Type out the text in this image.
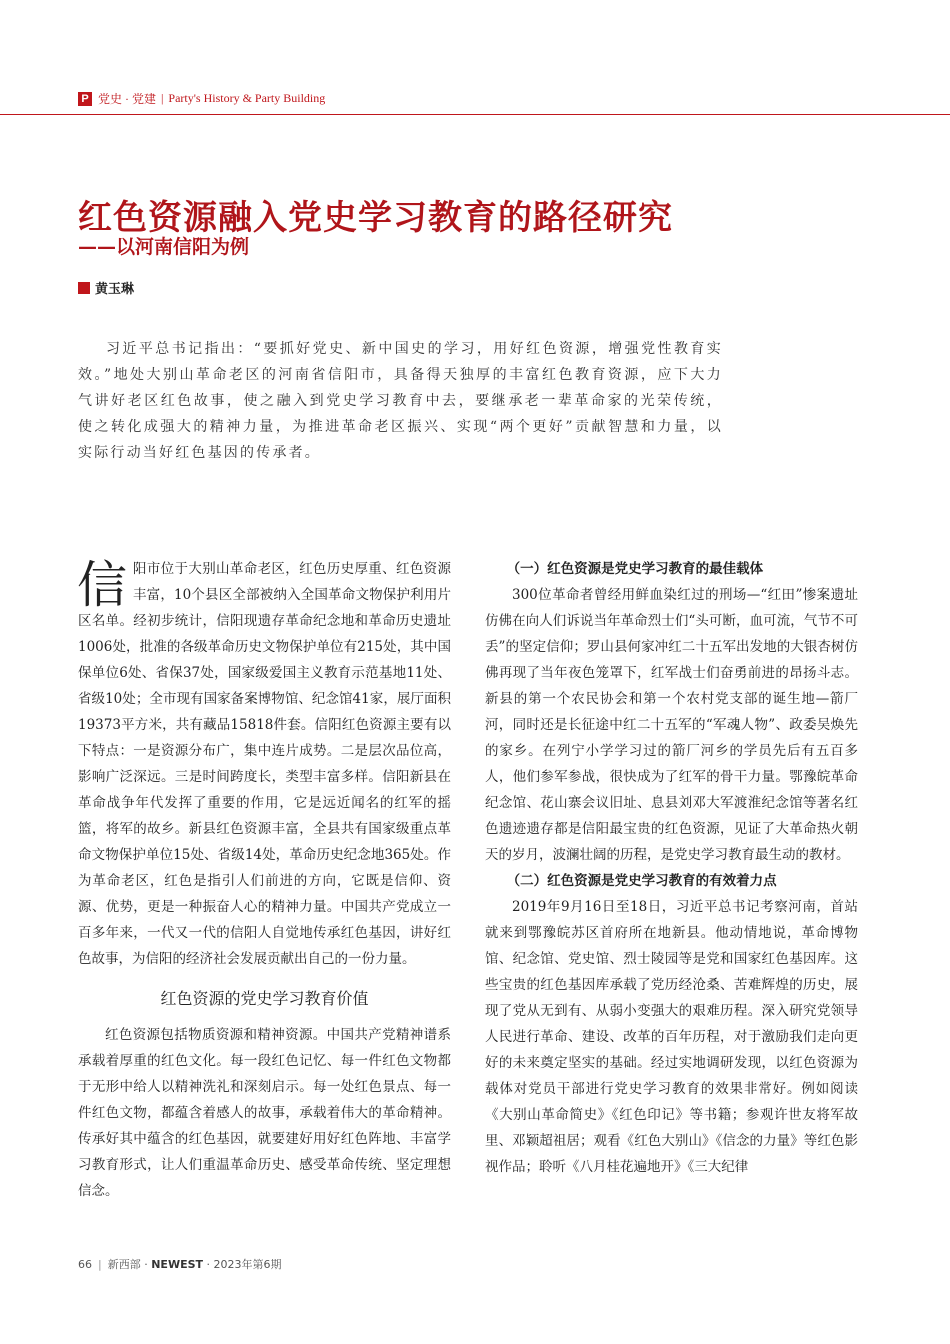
P 党史 · 党建 | Party's History & Party Building
红色资源融入党史学习教育的路径研究
——以河南信阳为例
黄玉琳
习近平总书记指出：“要抓好党史、新中国史的学习，用好红色资源，增强党性教育实效。”地处大别山革命老区的河南省信阳市，具备得天独厚的丰富红色教育资源，应下大力气讲好老区红色故事，使之融入到党史学习教育中去，要继承老一辈革命家的光荣传统，使之转化成强大的精神力量，为推进革命老区振兴、实现“两个更好”贡献智慧和力量，以实际行动当好红色基因的传承者。

信阳市位于大别山革命老区，红色历史厚重、红色资源丰富，10个县区全部被纳入全国革命文物保护利用片区名单。经初步统计，信阳现遗存革命纪念地和革命历史遗址1006处，批准的各级革命历史文物保护单位有215处，其中国保单位6处、省保37处，国家级爱国主义教育示范基地11处、省级10处；全市现有国家备案博物馆、纪念馆41家，展厅面积19373平方米，共有藏品15818件套。信阳红色资源主要有以下特点：一是资源分布广，集中连片成势。二是层次品位高，影响广泛深远。三是时间跨度长，类型丰富多样。信阳新县在革命战争年代发挥了重要的作用，它是远近闻名的红军的摇篮，将军的故乡。新县红色资源丰富，全县共有国家级重点革命文物保护单位15处、省级14处，革命历史纪念地365处。作为革命老区，红色是指引人们前进的方向，它既是信仰、资源、优势，更是一种振奋人心的精神力量。中国共产党成立一百多年来，一代又一代的信阳人自觉地传承红色基因，讲好红色故事，为信阳的经济社会发展贡献出自己的一份力量。

红色资源的党史学习教育价值

红色资源包括物质资源和精神资源。中国共产党精神谱系承载着厚重的红色文化。每一段红色记忆、每一件红色文物都于无形中给人以精神洗礼和深刻启示。每一处红色景点、每一件红色文物，都蕴含着感人的故事，承载着伟大的革命精神。传承好其中蕴含的红色基因，就要建好用好红色阵地、丰富学习教育形式，让人们重温革命历史、感受革命传统、坚定理想信念。

（一）红色资源是党史学习教育的最佳载体

300位革命者曾经用鲜血染红过的刑场—“红田”惨案遗址仿佛在向人们诉说当年革命烈士们“头可断，血可流，气节不可丢”的坚定信仰；罗山县何家冲红二十五军出发地的大银杏树仿佛再现了当年夜色笼罩下，红军战士们奋勇前进的昂扬斗志。新县的第一个农民协会和第一个农村党支部的诞生地—箭厂河，同时还是长征途中红二十五军的“军魂人物”、政委吴焕先的家乡。在列宁小学学习过的箭厂河乡的学员先后有五百多人，他们参军参战，很快成为了红军的骨干力量。鄂豫皖革命纪念馆、花山寨会议旧址、息县刘邓大军渡淮纪念馆等著名红色遗迹遗存都是信阳最宝贵的红色资源，见证了大革命热火朝天的岁月，波澜壮阔的历程，是党史学习教育最生动的教材。

（二）红色资源是党史学习教育的有效着力点

2019年9月16日至18日，习近平总书记考察河南，首站就来到鄂豫皖苏区首府所在地新县。他动情地说，革命博物馆、纪念馆、党史馆、烈士陵园等是党和国家红色基因库。这些宝贵的红色基因库承载了党历经沧桑、苦难辉煌的历史，展现了党从无到有、从弱小变强大的艰难历程。深入研究党领导人民进行革命、建设、改革的百年历程，对于激励我们走向更好的未来奠定坚实的基础。经过实地调研发现，以红色资源为载体对党员干部进行党史学习教育的效果非常好。例如阅读《大别山革命简史》《红色印记》等书籍；参观许世友将军故里、邓颖超祖居；观看《红色大别山》《信念的力量》等红色影视作品；聆听《八月桂花遍地开》《三大纪律

66 | 新西部 · NEWEST · 2023年第6期
